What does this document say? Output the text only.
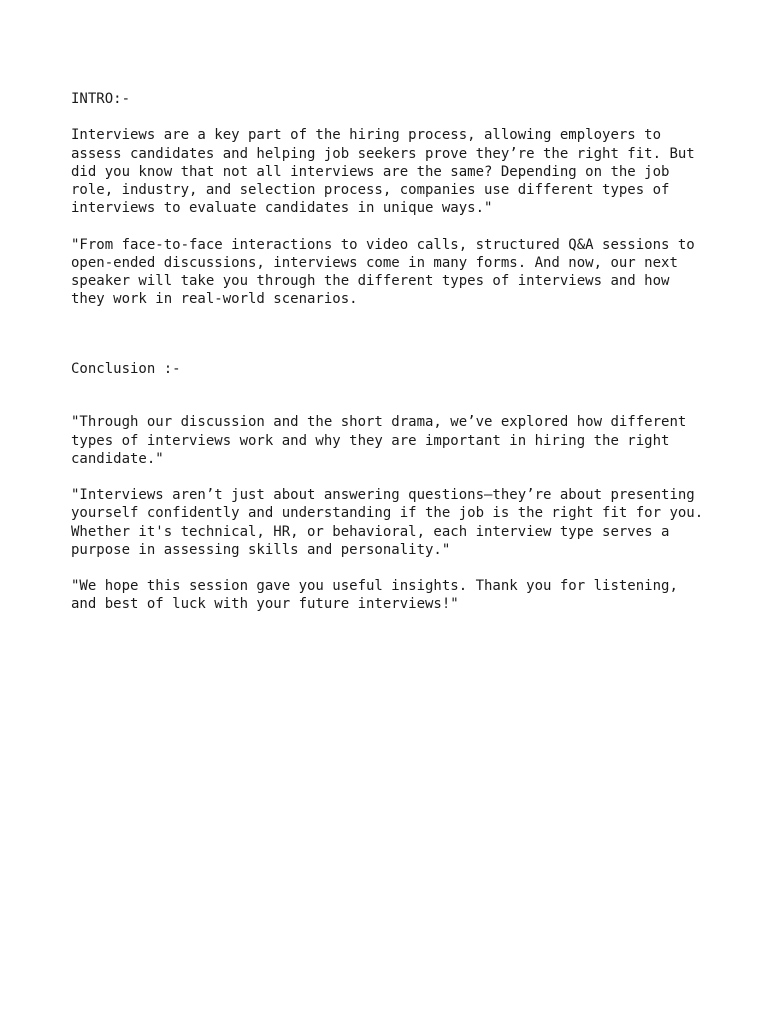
INTRO:-
Interviews are a key part of the hiring process, allowing employers to
assess candidates and helping job seekers prove they’re the right fit. But
did you know that not all interviews are the same? Depending on the job
role, industry, and selection process, companies use different types of
interviews to evaluate candidates in unique ways."
"From face-to-face interactions to video calls, structured Q&A sessions to
open-ended discussions, interviews come in many forms. And now, our next
speaker will take you through the different types of interviews and how
they work in real-world scenarios.
Conclusion :-
"Through our discussion and the short drama, we’ve explored how different
types of interviews work and why they are important in hiring the right
candidate."
"Interviews aren’t just about answering questions—they’re about presenting
yourself confidently and understanding if the job is the right fit for you.
Whether it's technical, HR, or behavioral, each interview type serves a
purpose in assessing skills and personality."
"We hope this session gave you useful insights. Thank you for listening,
and best of luck with your future interviews!"
